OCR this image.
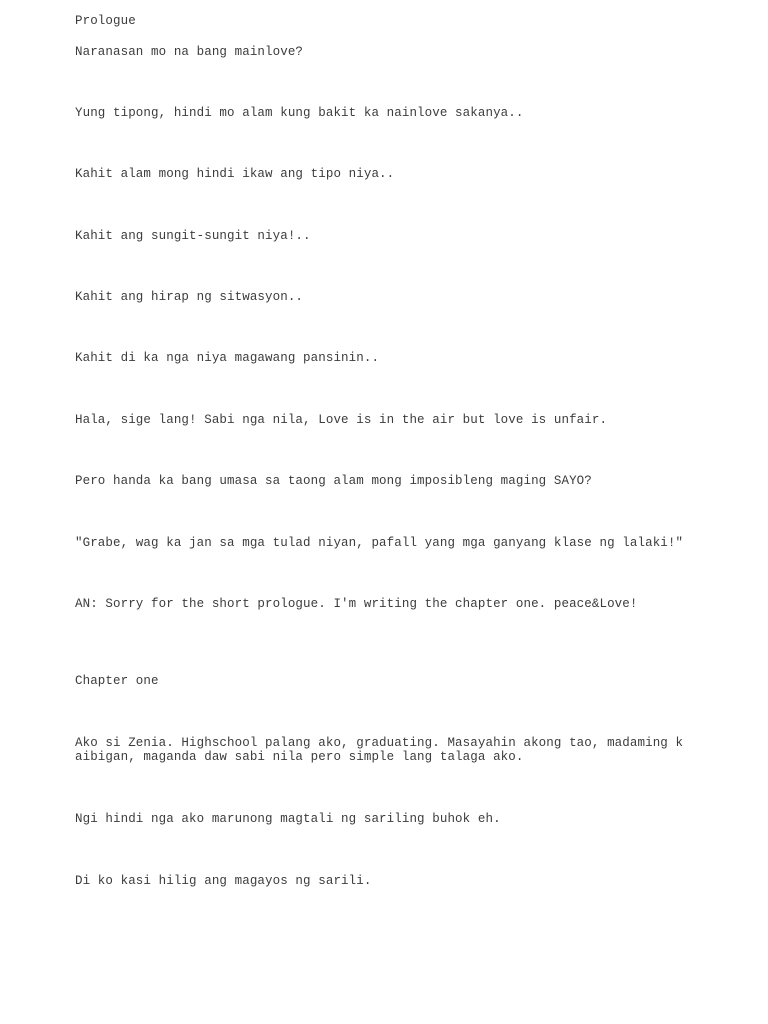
Prologue

Naranasan mo na bang mainlove?

Yung tipong, hindi mo alam kung bakit ka nainlove sakanya..

Kahit alam mong hindi ikaw ang tipo niya..

Kahit ang sungit-sungit niya!..

Kahit ang hirap ng sitwasyon..

Kahit di ka nga niya magawang pansinin..

Hala, sige lang! Sabi nga nila, Love is in the air but love is unfair.

Pero handa ka bang umasa sa taong alam mong imposibleng maging SAYO?

"Grabe, wag ka jan sa mga tulad niyan, pafall yang mga ganyang klase ng lalaki!"

AN: Sorry for the short prologue. I'm writing the chapter one. peace&Love!

Chapter one

Ako si Zenia. Highschool palang ako, graduating. Masayahin akong tao, madaming k

aibigan, maganda daw sabi nila pero simple lang talaga ako.

Ngi hindi nga ako marunong magtali ng sariling buhok eh.

Di ko kasi hilig ang magayos ng sarili.
